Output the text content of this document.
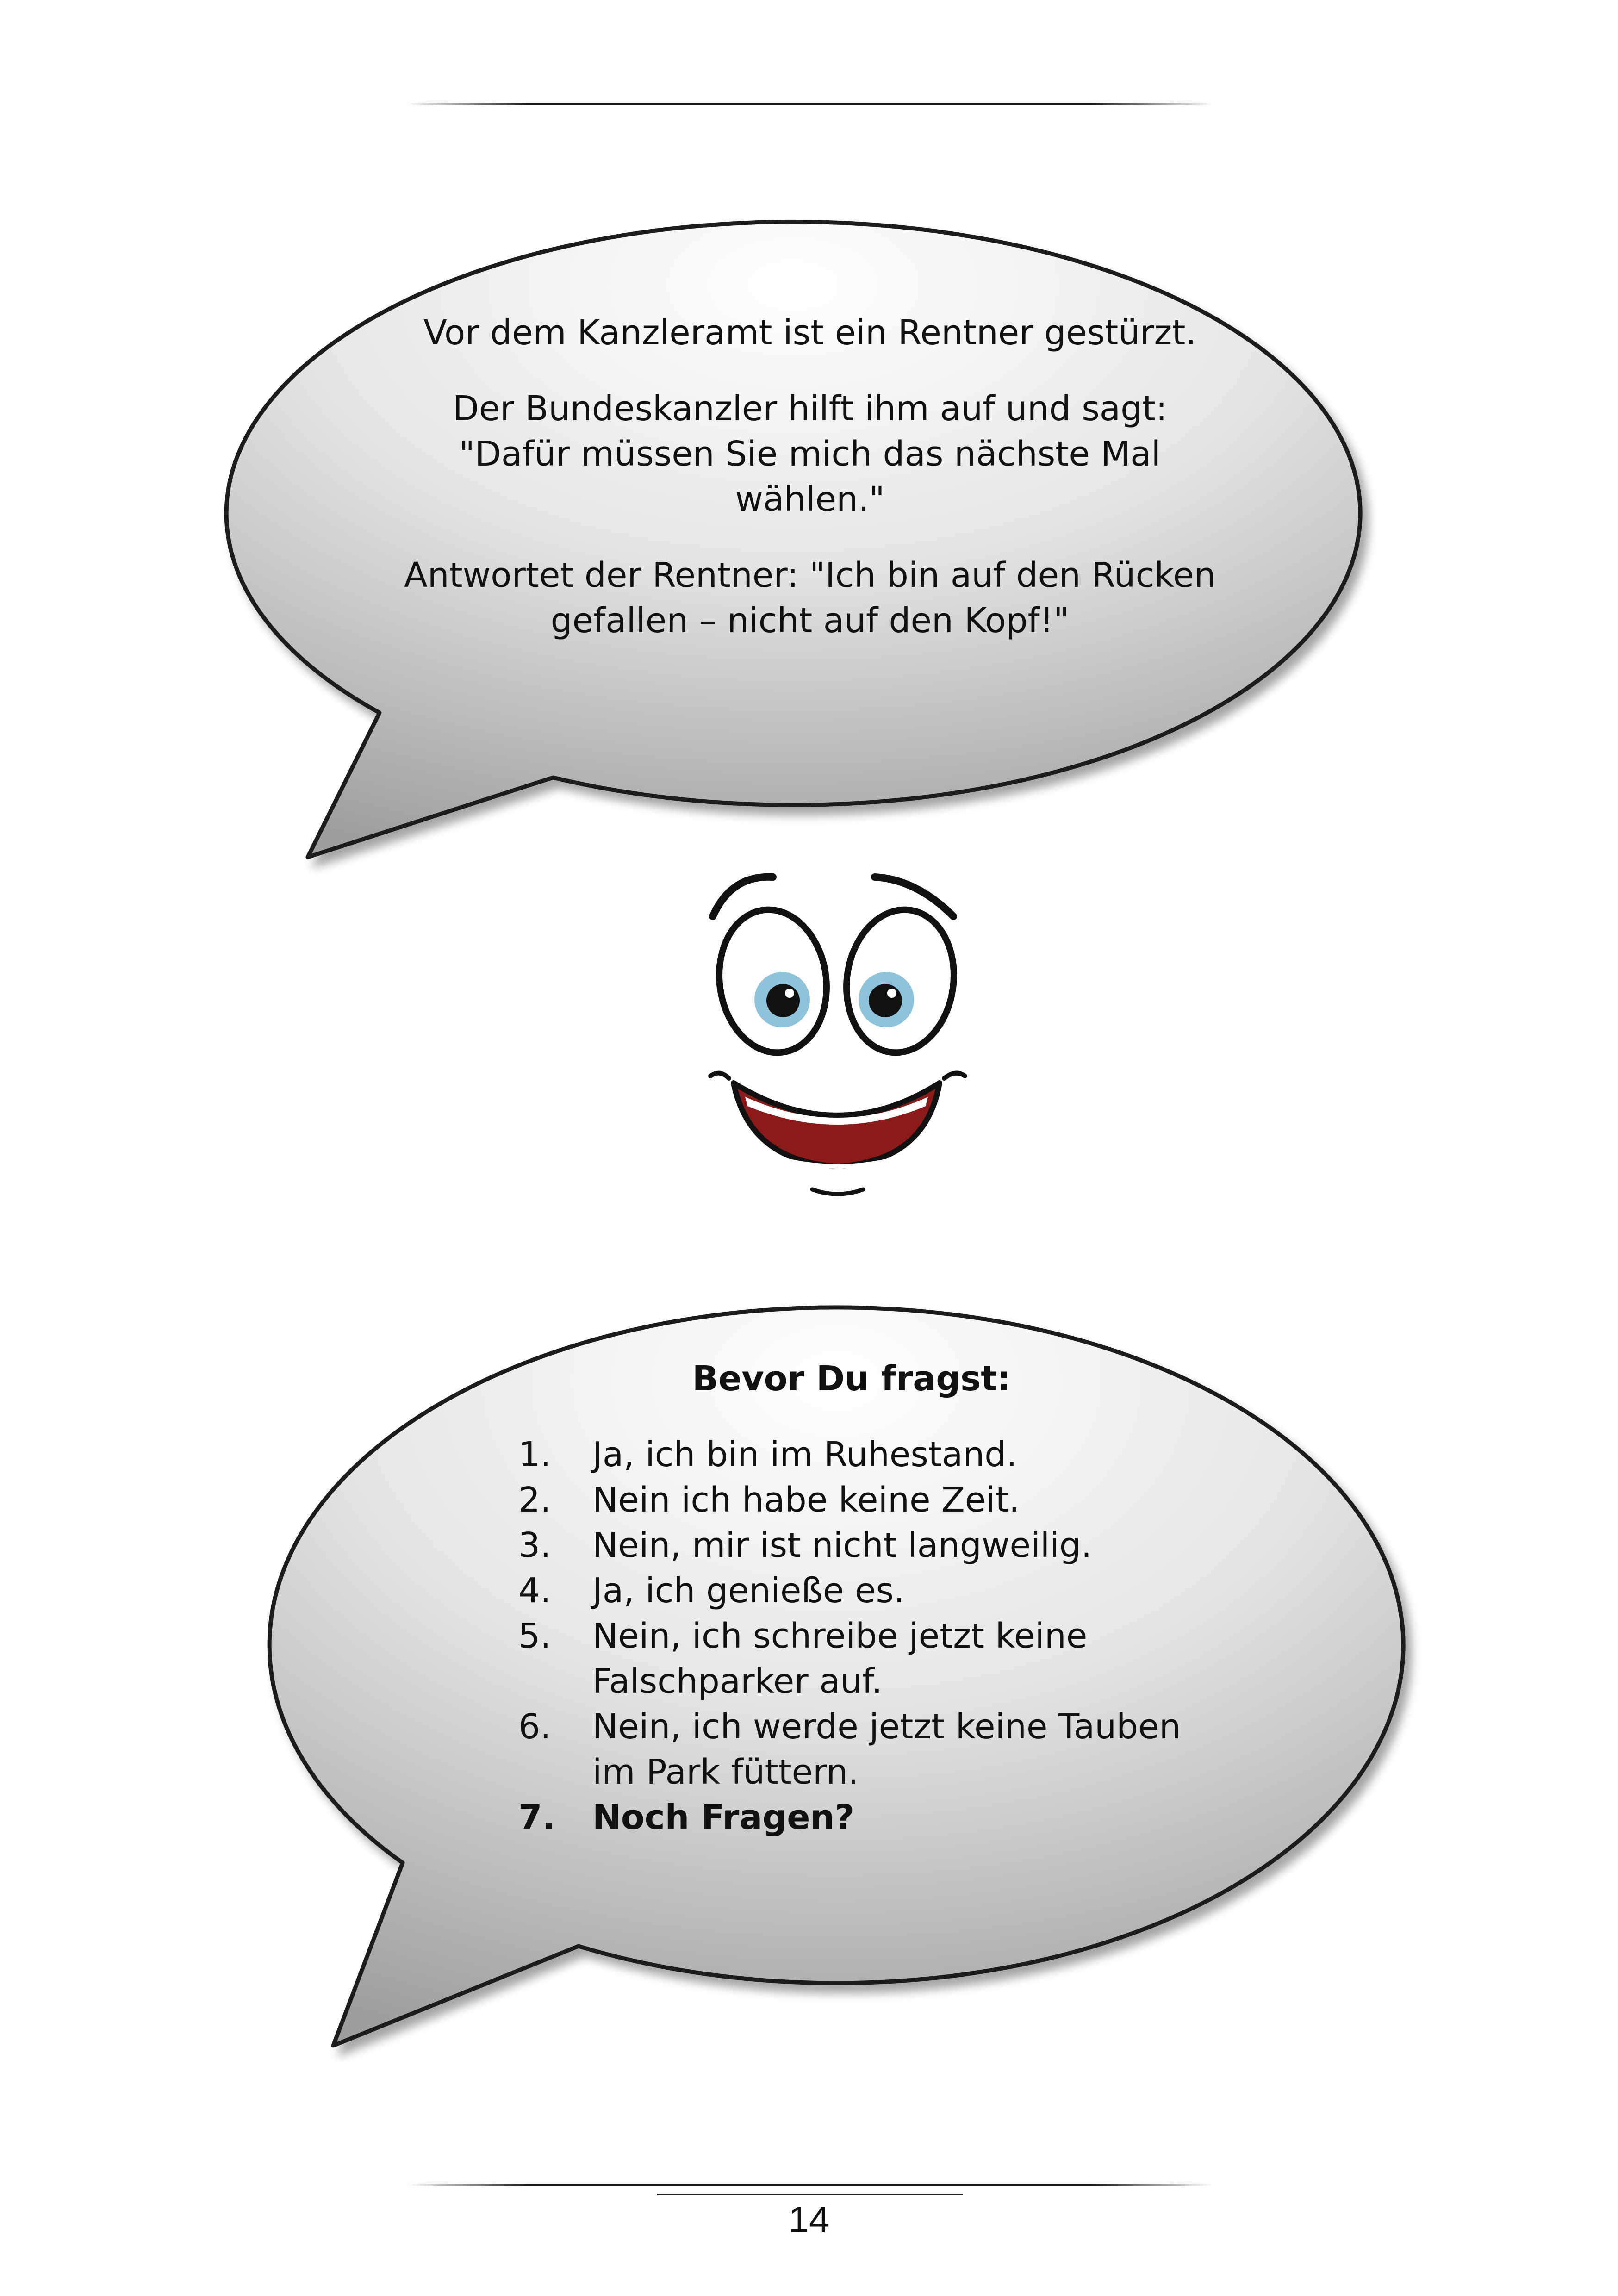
Vor dem Kanzleramt ist ein Rentner gestürzt.

Der Bundeskanzler hilft ihm auf und sagt: "Dafür müssen Sie mich das nächste Mal wählen."

Antwortet der Rentner: "Ich bin auf den Rücken gefallen – nicht auf den Kopf!"

Bevor Du fragst:
1.	Ja, ich bin im Ruhestand.
2.	Nein ich habe keine Zeit.
3.	Nein, mir ist nicht langweilig.
4.	Ja, ich genieße es.
5.	Nein, ich schreibe jetzt keine Falschparker auf.
6.	Nein, ich werde jetzt keine Tauben im Park füttern.
7.	Noch Fragen?
14
